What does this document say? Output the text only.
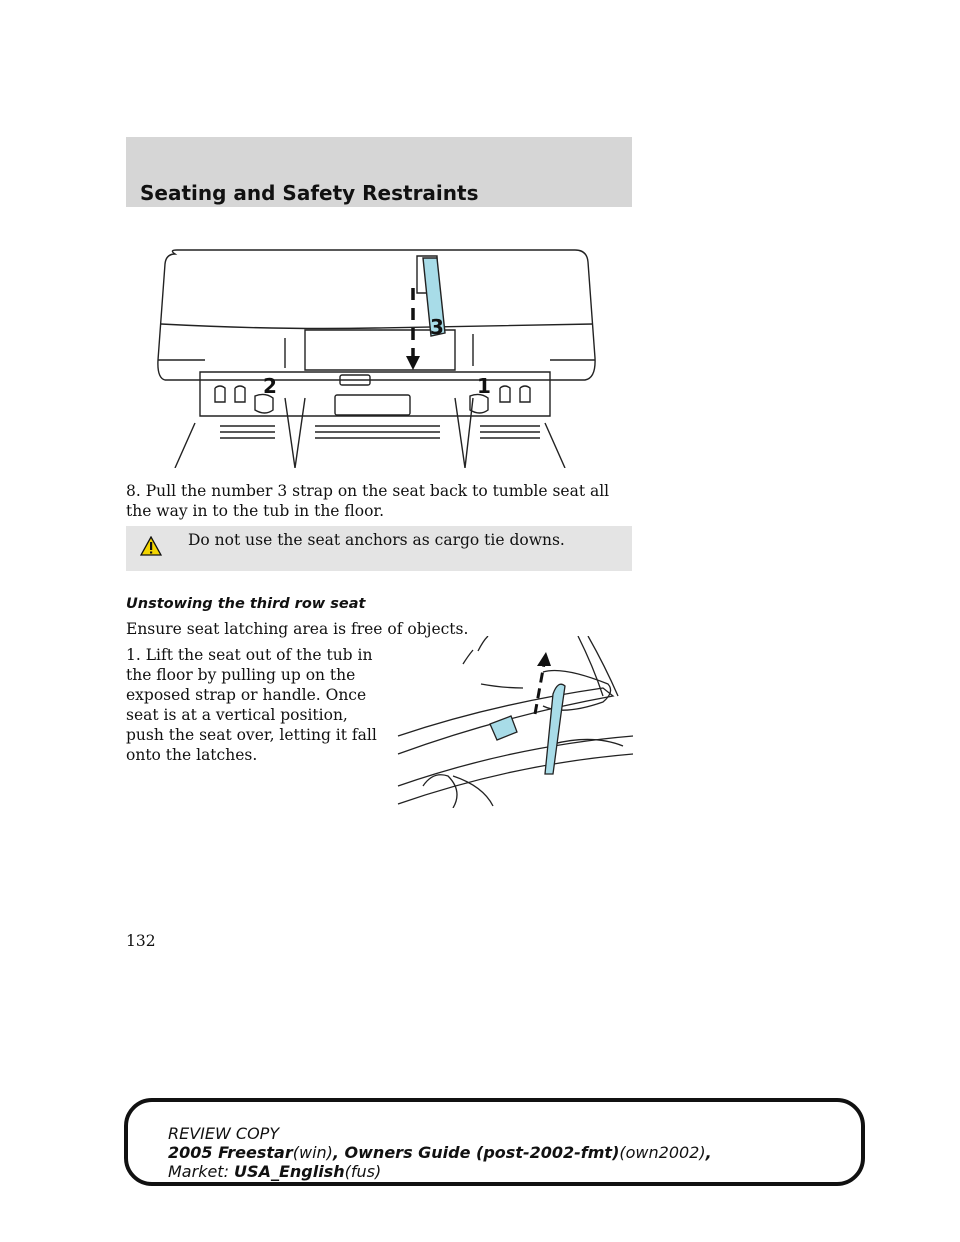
Seating and Safety Restraints
3
2	1
8. Pull the number 3 strap on the seat back to tumble seat all the way in to the tub in the floor.
Do not use the seat anchors as cargo tie downs.
Unstowing the third row seat
Ensure seat latching area is free of objects.
1. Lift the seat out of the tub in the floor by pulling up on the exposed strap or handle. Once seat is at a vertical position, push the seat over, letting it fall onto the latches.
132
REVIEW COPY
2005 Freestar(win), Owners Guide (post-2002-fmt)(own2002),
Market: USA_English(fus)
